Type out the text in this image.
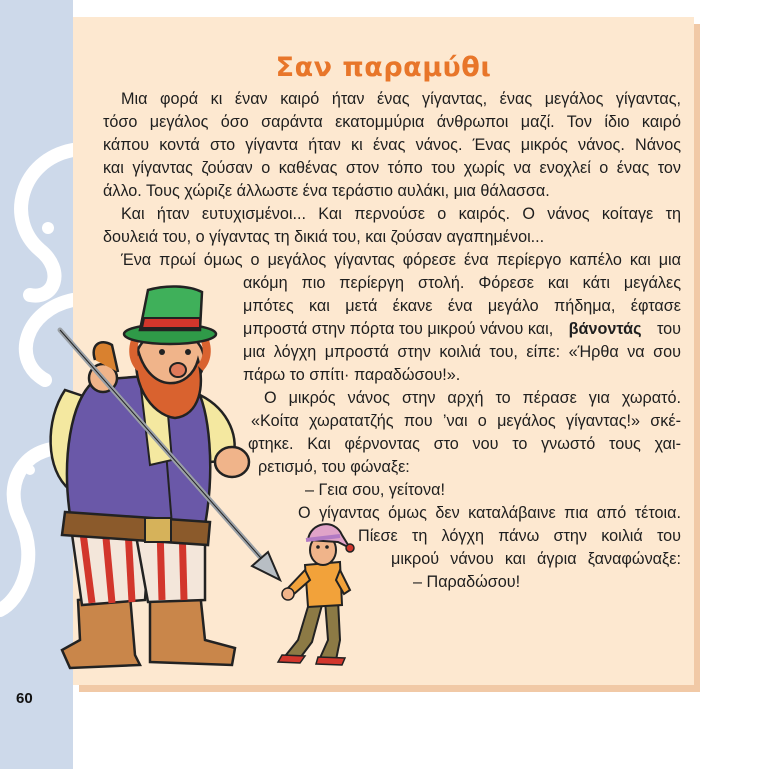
Σαν παραμύθι
Μια φορά κι έναν καιρό ήταν ένας γίγαντας, ένας μεγάλος γίγαντας,
τόσο μεγάλος όσο σαράντα εκατομμύρια άνθρωποι μαζί. Τον ίδιο καιρό
κάπου κοντά στο γίγαντα ήταν κι ένας νάνος. Ένας μικρός νάνος. Νάνος
και γίγαντας ζούσαν ο καθένας στον τόπο του χωρίς να ενοχλεί ο ένας τον
άλλο. Τους χώριζε άλλωστε ένα τεράστιο αυλάκι, μια θάλασσα.
Και ήταν ευτυχισμένοι... Και περνούσε ο καιρός. Ο νάνος κοίταγε τη
δουλειά του, ο γίγαντας τη δικιά του, και ζούσαν αγαπημένοι...
Ένα πρωί όμως ο μεγάλος γίγαντας φόρεσε ένα περίεργο καπέλο και μια
ακόμη πιο περίεργη στολή. Φόρεσε και κάτι μεγάλες
μπότες και μετά έκανε ένα μεγάλο πήδημα, έφτασε
μπροστά στην πόρτα του μικρού νάνου και, βάνοντάς του
μια λόγχη μπροστά στην κοιλιά του, είπε: «Ήρθα να σου
πάρω το σπίτι· παραδώσου!».
Ο μικρός νάνος στην αρχή το πέρασε για χωρατό.
«Κοίτα χωρατατζής που ’ναι ο μεγάλος γίγαντας!» σκέ-
φτηκε. Και φέρνοντας στο νου το γνωστό τους χαι-
ρετισμό, του φώναξε:
– Γεια σου, γείτονα!
Ο γίγαντας όμως δεν καταλάβαινε πια από τέτοια.
Πίεσε τη λόγχη πάνω στην κοιλιά του
μικρού νάνου και άγρια ξαναφώναξε:
– Παραδώσου!
60
